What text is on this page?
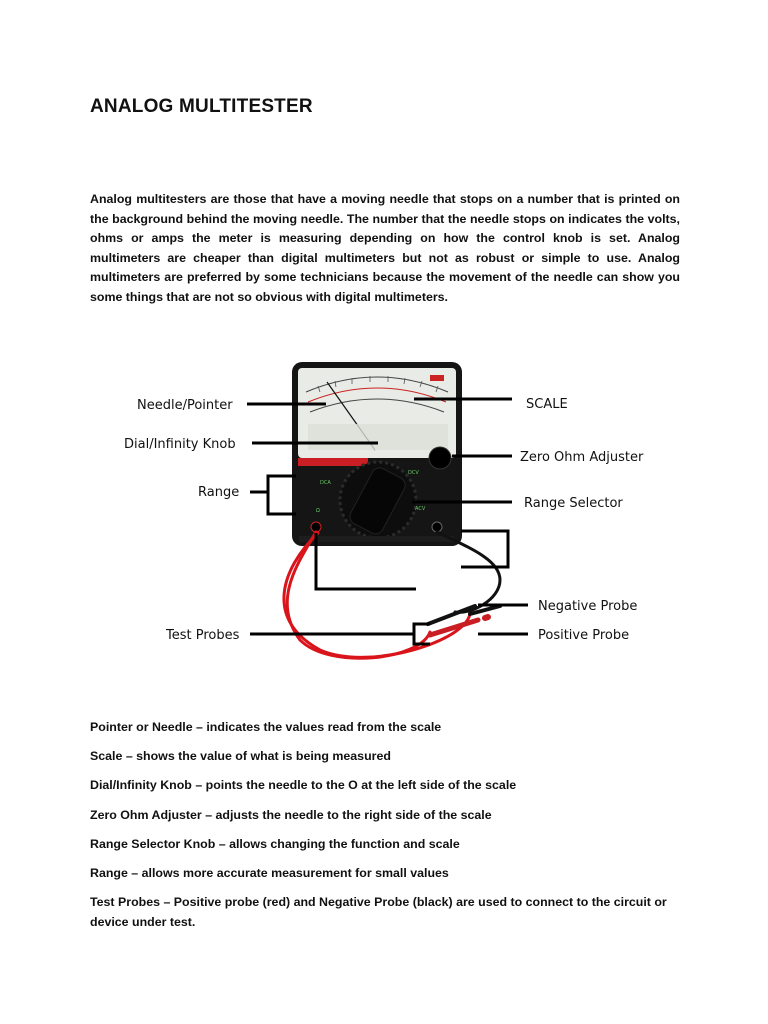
ANALOG MULTITESTER
Analog multitesters are those that have a moving needle that stops on a number that is printed on the background behind the moving needle. The number that the needle stops on indicates the volts, ohms or amps the meter is measuring depending on how the control knob is set. Analog multimeters are cheaper than digital multimeters but not as robust or simple to use. Analog multimeters are preferred by some technicians because the movement of the needle can show you some things that are not so obvious with digital multimeters.
DCV
ACV
DCA
Ω
Needle/Pointer
Dial/Infinity Knob
Range
Test Probes
SCALE
Zero Ohm Adjuster
Range Selector
Negative Probe
Positive Probe

Pointer or Needle – indicates the values read from the scale

Scale – shows the value of what is being measured

Dial/Infinity Knob – points the needle to the O at the left side of the scale

Zero Ohm Adjuster – adjusts the needle to the right side of the scale

Range Selector Knob – allows changing the function and scale

Range – allows more accurate measurement for small values

Test Probes – Positive probe (red) and Negative Probe (black) are used to connect to the circuit or device under test.
